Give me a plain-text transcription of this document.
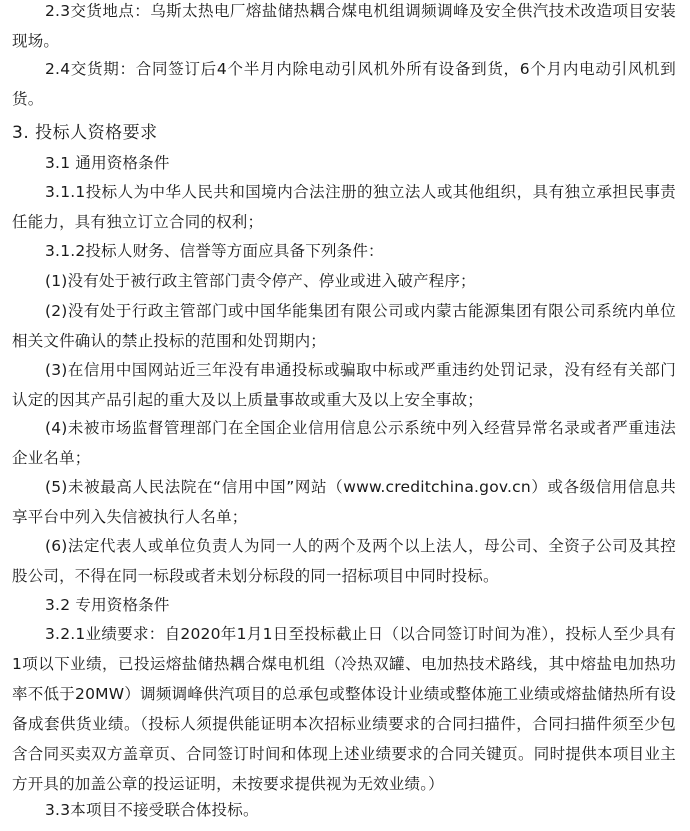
2.3交货地点：乌斯太热电厂熔盐储热耦合煤电机组调频调峰及安全供汽技术改造项目安装现场。

2.4交货期：合同签订后4个半月内除电动引风机外所有设备到货，6个月内电动引风机到货。

3. 投标人资格要求

3.1 通用资格条件

3.1.1投标人为中华人民共和国境内合法注册的独立法人或其他组织，具有独立承担民事责任能力，具有独立订立合同的权利；

3.1.2投标人财务、信誉等方面应具备下列条件：

(1)没有处于被行政主管部门责令停产、停业或进入破产程序；

(2)没有处于行政主管部门或中国华能集团有限公司或内蒙古能源集团有限公司系统内单位相关文件确认的禁止投标的范围和处罚期内；

(3)在信用中国网站近三年没有串通投标或骗取中标或严重违约处罚记录，没有经有关部门认定的因其产品引起的重大及以上质量事故或重大及以上安全事故；

(4)未被市场监督管理部门在全国企业信用信息公示系统中列入经营异常名录或者严重违法企业名单；

(5)未被最高人民法院在“信用中国”网站（www.creditchina.gov.cn）或各级信用信息共享平台中列入失信被执行人名单；

(6)法定代表人或单位负责人为同一人的两个及两个以上法人，母公司、全资子公司及其控股公司，不得在同一标段或者未划分标段的同一招标项目中同时投标。

3.2 专用资格条件

3.2.1业绩要求：自2020年1月1日至投标截止日（以合同签订时间为准），投标人至少具有1项以下业绩，已投运熔盐储热耦合煤电机组（冷热双罐、电加热技术路线，其中熔盐电加热功率不低于20MW）调频调峰供汽项目的总承包或整体设计业绩或整体施工业绩或熔盐储热所有设备成套供货业绩。（投标人须提供能证明本次招标业绩要求的合同扫描件，合同扫描件须至少包含合同买卖双方盖章页、合同签订时间和体现上述业绩要求的合同关键页。同时提供本项目业主方开具的加盖公章的投运证明，未按要求提供视为无效业绩。）

3.3本项目不接受联合体投标。
